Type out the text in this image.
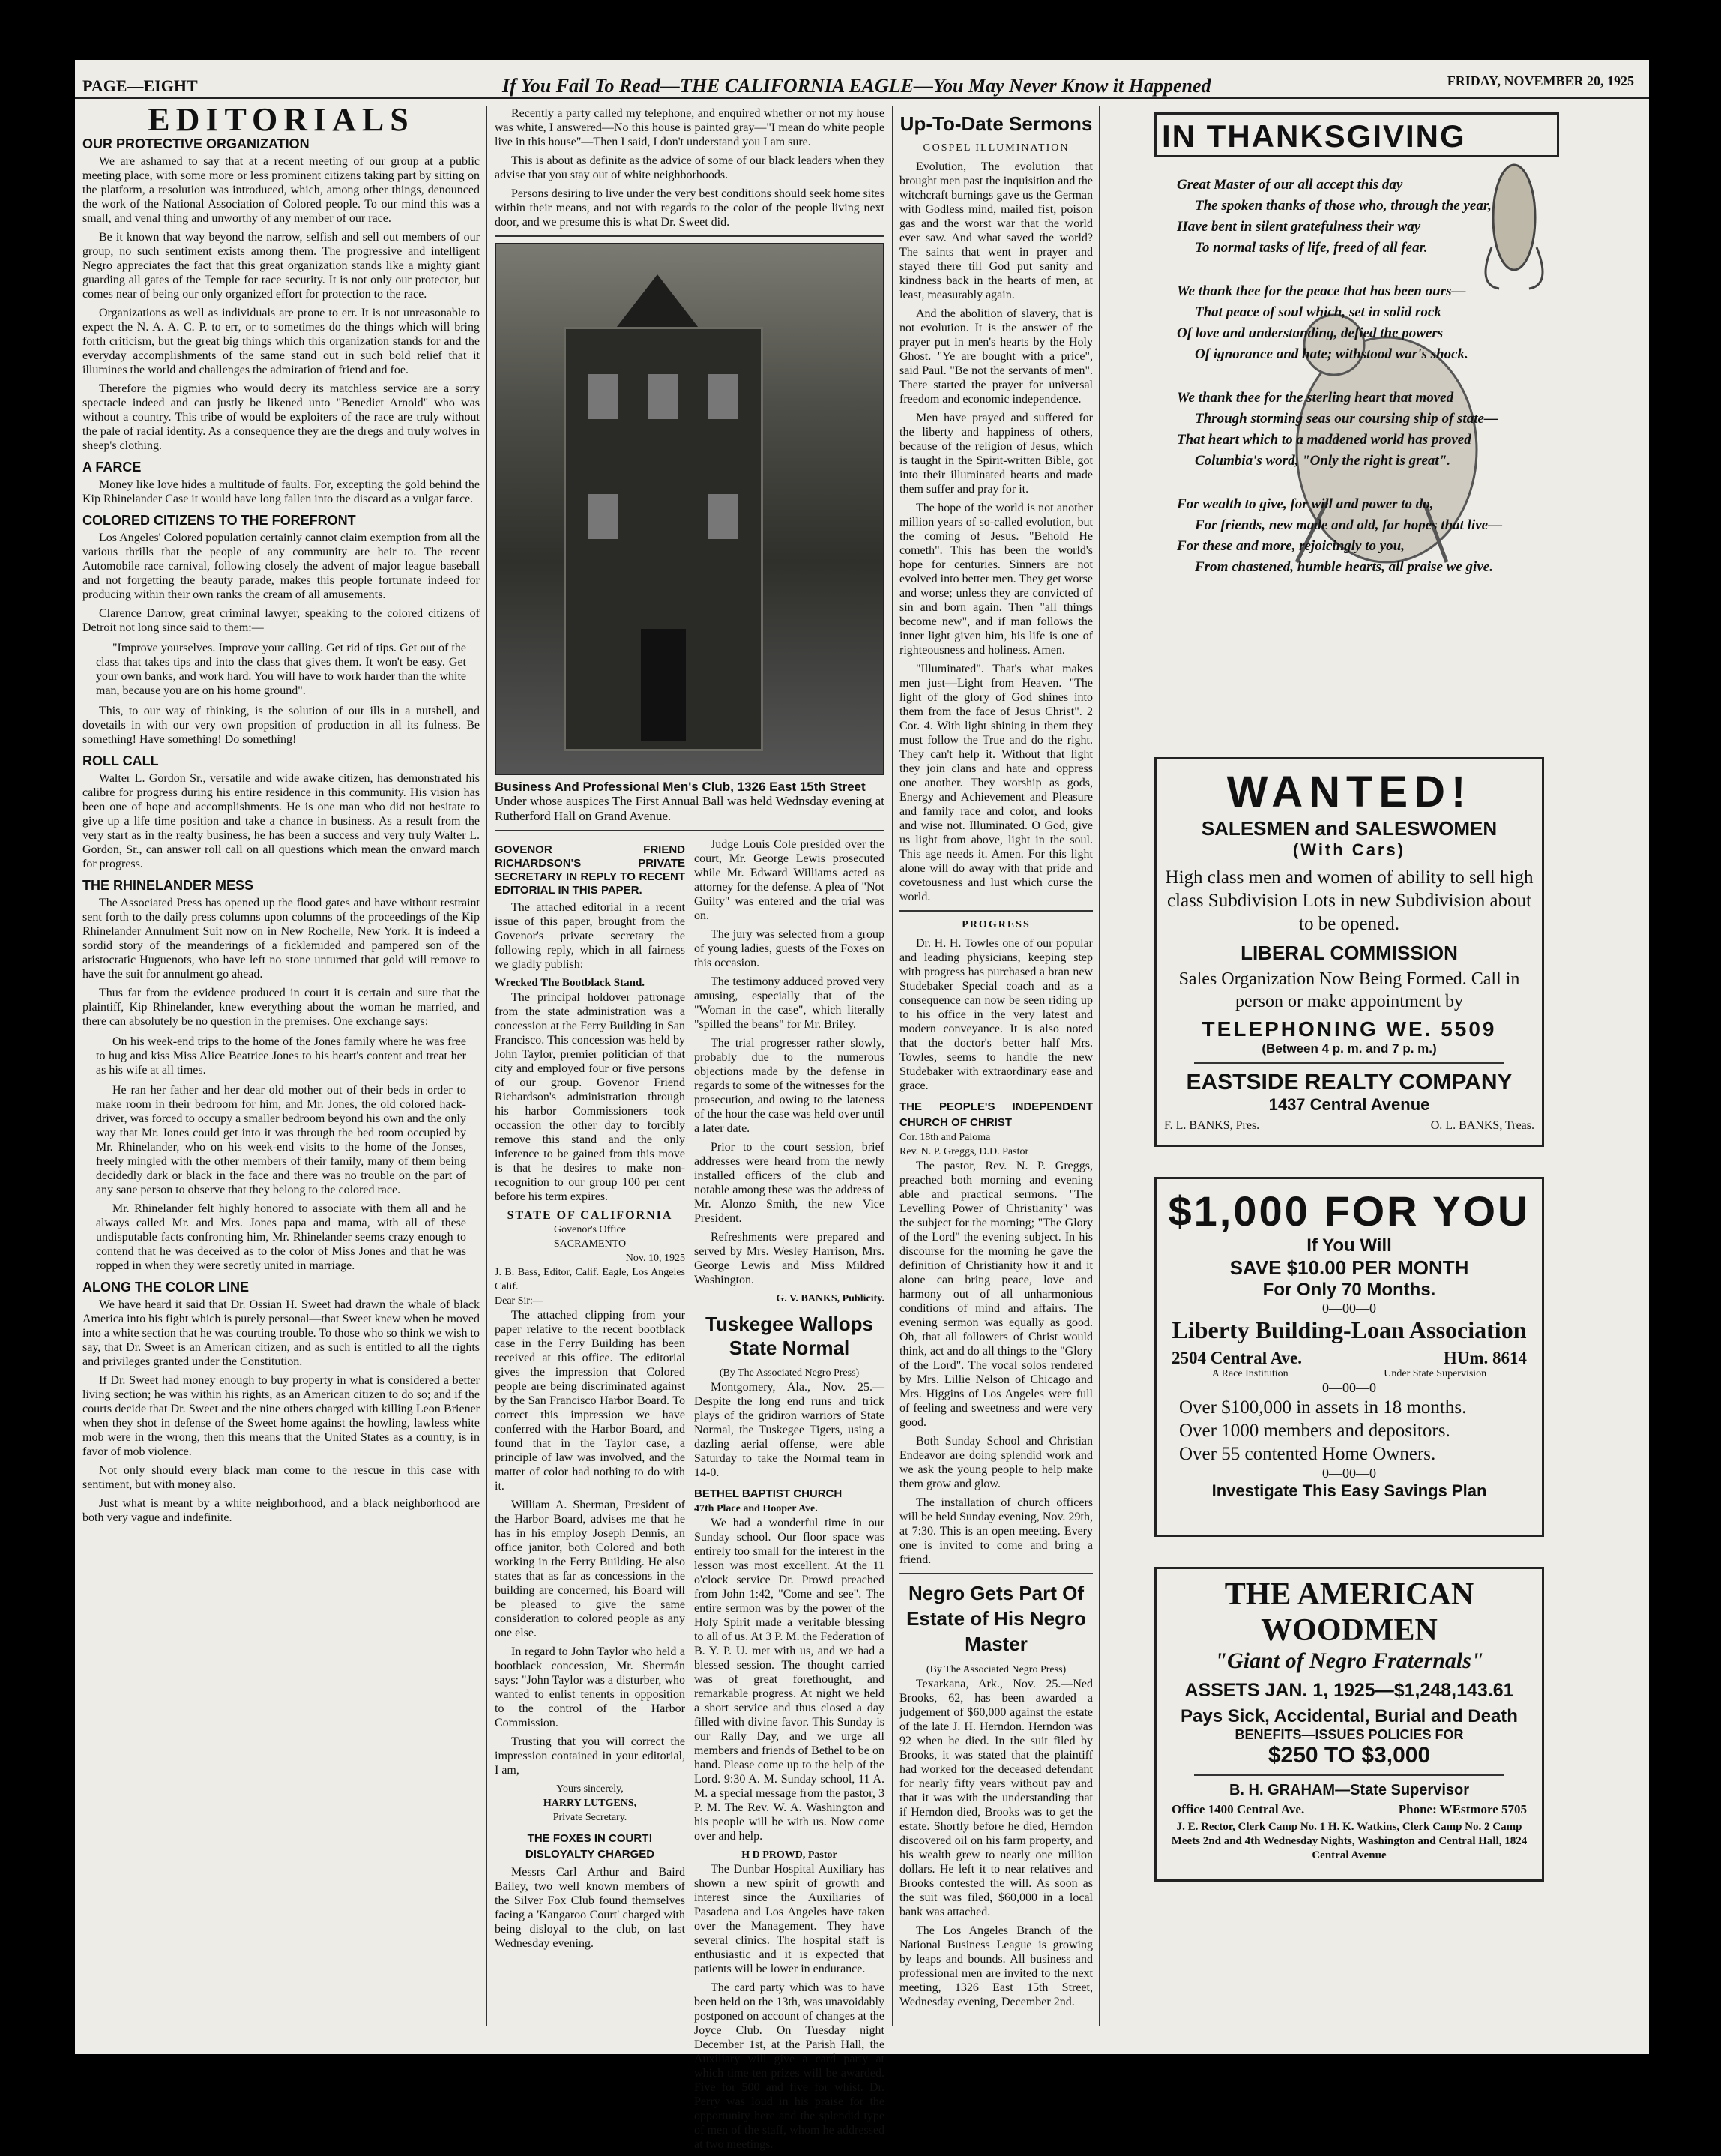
PAGE—EIGHT	If You Fail To Read—THE CALIFORNIA EAGLE—You May Never Know it Happened	FRIDAY, NOVEMBER 20, 1925
EDITORIALS
OUR PROTECTIVE ORGANIZATION

We are ashamed to say that at a recent meeting of our group at a public meeting place, with some more or less prominent citizens taking part by sitting on the platform, a resolution was introduced, which, among other things, denounced the work of the National Association of Colored people. To our mind this was a small, and venal thing and unworthy of any member of our race.

Be it known that way beyond the narrow, selfish and sell out members of our group, no such sentiment exists among them. The progressive and intelligent Negro appreciates the fact that this great organization stands like a mighty giant guarding all gates of the Temple for race security. It is not only our protector, but comes near of being our only organized effort for protection to the race.

Organizations as well as individuals are prone to err. It is not unreasonable to expect the N. A. A. C. P. to err, or to sometimes do the things which will bring forth criticism, but the great big things which this organization stands for and the everyday accomplishments of the same stand out in such bold relief that it illumines the world and challenges the admiration of friend and foe.

Therefore the pigmies who would decry its matchless service are a sorry spectacle indeed and can justly be likened unto "Benedict Arnold" who was without a country. This tribe of would be exploiters of the race are truly without the pale of racial identity. As a consequence they are the dregs and truly wolves in sheep's clothing.

A FARCE

Money like love hides a multitude of faults. For, excepting the gold behind the Kip Rhinelander Case it would have long fallen into the discard as a vulgar farce.

COLORED CITIZENS TO THE FOREFRONT

Los Angeles' Colored population certainly cannot claim exemption from all the various thrills that the people of any community are heir to. The recent Automobile race carnival, following closely the advent of major league baseball and not forgetting the beauty parade, makes this people fortunate indeed for producing within their own ranks the cream of all amusements.

Clarence Darrow, great criminal lawyer, speaking to the colored citizens of Detroit not long since said to them:—

"Improve yourselves. Improve your calling. Get rid of tips. Get out of the class that takes tips and into the class that gives them. It won't be easy. Get your own banks, and work hard. You will have to work harder than the white man, because you are on his home ground".

This, to our way of thinking, is the solution of our ills in a nutshell, and dovetails in with our very own propsition of production in all its fulness. Be something! Have something! Do something!

ROLL CALL

Walter L. Gordon Sr., versatile and wide awake citizen, has demonstrated his calibre for progress during his entire residence in this community. His vision has been one of hope and accomplishments. He is one man who did not hesitate to give up a life time position and take a chance in business. As a result from the very start as in the realty business, he has been a success and very truly Walter L. Gordon, Sr., can answer roll call on all questions which mean the onward march for progress.

THE RHINELANDER MESS

The Associated Press has opened up the flood gates and have without restraint sent forth to the daily press columns upon columns of the proceedings of the Kip Rhinelander Annulment Suit now on in New Rochelle, New York. It is indeed a sordid story of the meanderings of a ficklemided and pampered son of the aristocratic Huguenots, who have left no stone unturned that gold will remove to have the suit for annulment go ahead.

Thus far from the evidence produced in court it is certain and sure that the plaintiff, Kip Rhinelander, knew everything about the woman he married, and there can absolutely be no question in the premises. One exchange says:

On his week-end trips to the home of the Jones family where he was free to hug and kiss Miss Alice Beatrice Jones to his heart's content and treat her as his wife at all times.

He ran her father and her dear old mother out of their beds in order to make room in their bedroom for him, and Mr. Jones, the old colored hack-driver, was forced to occupy a smaller bedroom beyond his own and the only way that Mr. Jones could get into it was through the bed room occupied by Mr. Rhinelander, who on his week-end visits to the home of the Jonses, freely mingled with the other members of their family, many of them being decidedly dark or black in the face and there was no trouble on the part of any sane person to observe that they belong to the colored race.

Mr. Rhinelander felt highly honored to associate with them all and he always called Mr. and Mrs. Jones papa and mama, with all of these undisputable facts confronting him, Mr. Rhinelander seems crazy enough to contend that he was deceived as to the color of Miss Jones and that he was ropped in when they were secretly united in marriage.

ALONG THE COLOR LINE

We have heard it said that Dr. Ossian H. Sweet had drawn the whale of black America into his fight which is purely personal—that Sweet knew when he moved into a white section that he was courting trouble. To those who so think we wish to say, that Dr. Sweet is an American citizen, and as such is entitled to all the rights and privileges granted under the Constitution.

If Dr. Sweet had money enough to buy property in what is considered a better living section; he was within his rights, as an American citizen to do so; and if the courts decide that Dr. Sweet and the nine others charged with killing Leon Briener when they shot in defense of the Sweet home against the howling, lawless white mob were in the wrong, then this means that the United States as a country, is in favor of mob violence.

Not only should every black man come to the rescue in this case with sentiment, but with money also.

Just what is meant by a white neighborhood, and a black neighborhood are both very vague and indefinite.

Recently a party called my telephone, and enquired whether or not my house was white, I answered—No this house is painted gray—"I mean do white people live in this house"—Then I said, I don't understand you I am sure.

This is about as definite as the advice of some of our black leaders when they advise that you stay out of white neighborhoods.

Persons desiring to live under the very best conditions should seek home sites within their means, and not with regards to the color of the people living next door, and we presume this is what Dr. Sweet did.

Business And Professional Men's Club, 1326 East 15th Street
Under whose auspices The First Annual Ball was held Wednsday evening at Rutherford Hall on Grand Avenue.
GOVENOR FRIEND RICHARDSON'S PRIVATE SECRETARY IN REPLY TO RECENT EDITORIAL IN THIS PAPER.

The attached editorial in a recent issue of this paper, brought from the Govenor's private secretary the following reply, which in all fairness we gladly publish:

Wrecked The Bootblack Stand.

The principal holdover patronage from the state administration was a concession at the Ferry Building in San Francisco. This concession was held by John Taylor, premier politician of that city and employed four or five persons of our group. Govenor Friend Richardson's administration through his harbor Commissioners took occassion the other day to forcibly remove this stand and the only inference to be gained from this move is that he desires to make non-recognition to our group 100 per cent before his term expires.

STATE OF CALIFORNIA
Govenor's Office
SACRAMENTO
Nov. 10, 1925
J. B. Bass, Editor, Calif. Eagle, Los Angeles Calif.
Dear Sir:—

The attached clipping from your paper relative to the recent bootblack case in the Ferry Building has been received at this office. The editorial gives the impression that Colored people are being discriminated against by the San Francisco Harbor Board. To correct this impression we have conferred with the Harbor Board, and found that in the Taylor case, a principle of law was involved, and the matter of color had nothing to do with it.

William A. Sherman, President of the Harbor Board, advises me that he has in his employ Joseph Dennis, an office janitor, both Colored and both working in the Ferry Building. He also states that as far as concessions in the building are concerned, his Board will be pleased to give the same consideration to colored people as any one else.

In regard to John Taylor who held a bootblack concession, Mr. Shermán says: "John Taylor was a disturber, who wanted to enlist tenents in opposition to the control of the Harbor Commission.

Trusting that you will correct the impression contained in your editorial, I am,

Yours sincerely,
HARRY LUTGENS,
Private Secretary.
THE FOXES IN COURT! DISLOYALTY CHARGED

Messrs Carl Arthur and Baird Bailey, two well known members of the Silver Fox Club found themselves facing a 'Kangaroo Court' charged with being disloyal to the club, on last Wednesday evening.

Judge Louis Cole presided over the court, Mr. George Lewis prosecuted while Mr. Edward Williams acted as attorney for the defense. A plea of "Not Guilty" was entered and the trial was on.

The jury was selected from a group of young ladies, guests of the Foxes on this occasion.

The testimony adduced proved very amusing, especially that of the "Woman in the case", which literally "spilled the beans" for Mr. Briley.

The trial progresser rather slowly, probably due to the numerous objections made by the defense in regards to some of the witnesses for the prosecution, and owing to the lateness of the hour the case was held over until a later date.

Prior to the court session, brief addresses were heard from the newly installed officers of the club and notable among these was the address of Mr. Alonzo Smith, the new Vice President.

Refreshments were prepared and served by Mrs. Wesley Harrison, Mrs. George Lewis and Miss Mildred Washington.

G. V. BANKS, Publicity.
Tuskegee Wallops State Normal
(By The Associated Negro Press)

Montgomery, Ala., Nov. 25.—Despite the long end runs and trick plays of the gridiron warriors of State Normal, the Tuskegee Tigers, using a dazling aerial offense, were able Saturday to take the Normal team in 14-0.

BETHEL BAPTIST CHURCH
47th Place and Hooper Ave.

We had a wonderful time in our Sunday school. Our floor space was entirely too small for the interest in the lesson was most excellent. At the 11 o'clock service Dr. Prowd preached from John 1:42, "Come and see". The entire sermon was by the power of the Holy Spirit made a veritable blessing to all of us. At 3 P. M. the Federation of B. Y. P. U. met with us, and we had a blessed session. The thought carried was of great forethought, and remarkable progress. At night we held a short service and thus closed a day filled with divine favor. This Sunday is our Rally Day, and we urge all members and friends of Bethel to be on hand. Please come up to the help of the Lord. 9:30 A. M. Sunday school, 11 A. M. a special message from the pastor, 3 P. M. The Rev. W. A. Washington and his people will be with us. Now come over and help.

H D PROWD, Pastor

The Dunbar Hospital Auxiliary has shown a new spirit of growth and interest since the Auxiliaries of Pasadena and Los Angeles have taken over the Management. They have several clinics. The hospital staff is enthusiastic and it is expected that patients will be lower in endurance.

The card party which was to have been held on the 13th, was unavoidably postponed on account of changes at the Joyce Club. On Tuesday night December 1st, at the Parish Hall, the Auxiliary will give a card party at which time ten prizes will be awarded. Five for 500 and five for whist. Dr. Perry was loud in his praise for the opportunity here and the splendid type of men of the staff, whom he addressed at two meetings.

Up-To-Date Sermons
GOSPEL ILLUMINATION

Evolution, The evolution that brought men past the inquisition and the witchcraft burnings gave us the German with Godless mind, mailed fist, poison gas and the worst war that the world ever saw. And what saved the world? The saints that went in prayer and stayed there till God put sanity and kindness back in the hearts of men, at least, measurably again.

And the abolition of slavery, that is not evolution. It is the answer of the prayer put in men's hearts by the Holy Ghost. "Ye are bought with a price", said Paul. "Be not the servants of men". There started the prayer for universal freedom and economic independence.

Men have prayed and suffered for the liberty and happiness of others, because of the religion of Jesus, which is taught in the Spirit-written Bible, got into their illuminated hearts and made them suffer and pray for it.

The hope of the world is not another million years of so-called evolution, but the coming of Jesus. "Behold He cometh". This has been the world's hope for centuries. Sinners are not evolved into better men. They get worse and worse; unless they are convicted of sin and born again. Then "all things become new", and if man follows the inner light given him, his life is one of righteousness and holiness. Amen.

"Illuminated". That's what makes men just—Light from Heaven. "The light of the glory of God shines into them from the face of Jesus Christ". 2 Cor. 4. With light shining in them they must follow the True and do the right. They can't help it. Without that light they join clans and hate and oppress one another. They worship as gods, Energy and Achievement and Pleasure and family race and color, and looks and wise not. Illuminated. O God, give us light from above, light in the soul. This age needs it. Amen. For this light alone will do away with that pride and covetousness and lust which curse the world.

PROGRESS

Dr. H. H. Towles one of our popular and leading physicians, keeping step with progress has purchased a bran new Studebaker Special coach and as a consequence can now be seen riding up to his office in the very latest and modern conveyance. It is also noted that the doctor's better half Mrs. Towles, seems to handle the new Studebaker with extraordinary ease and grace.

THE PEOPLE'S INDEPENDENT CHURCH OF CHRIST
Cor. 18th and Paloma
Rev. N. P. Greggs, D.D. Pastor

The pastor, Rev. N. P. Greggs, preached both morning and evening able and practical sermons. "The Levelling Power of Christianity" was the subject for the morning; "The Glory of the Lord" the evening subject. In his discourse for the morning he gave the definition of Christianity how it and it alone can bring peace, love and harmony out of all unharmonious conditions of mind and affairs. The evening sermon was equally as good. Oh, that all followers of Christ would think, act and do all things to the "Glory of the Lord". The vocal solos rendered by Mrs. Lillie Nelson of Chicago and Mrs. Higgins of Los Angeles were full of feeling and sweetness and were very good.

Both Sunday School and Christian Endeavor are doing splendid work and we ask the young people to help make them grow and glow.

The installation of church officers will be held Sunday evening, Nov. 29th, at 7:30. This is an open meeting. Every one is invited to come and bring a friend.

Negro Gets Part Of Estate of His Negro Master
(By The Associated Negro Press)

Texarkana, Ark., Nov. 25.—Ned Brooks, 62, has been awarded a judgement of $60,000 against the estate of the late J. H. Herndon. Herndon was 92 when he died. In the suit filed by Brooks, it was stated that the plaintiff had worked for the deceased defendant for nearly fifty years without pay and that it was with the understanding that if Herndon died, Brooks was to get the estate. Shortly before he died, Herndon discovered oil on his farm property, and his wealth grew to nearly one million dollars. He left it to near relatives and Brooks contested the will. As soon as the suit was filed, $60,000 in a local bank was attached.

The Los Angeles Branch of the National Business League is growing by leaps and bounds. All business and professional men are invited to the next meeting, 1326 East 15th Street, Wednesday evening, December 2nd.

IN THANKSGIVING
Great Master of our all accept this day
The spoken thanks of those who, through the year,
Have bent in silent gratefulness their way
To normal tasks of life, freed of all fear.
We thank thee for the peace that has been ours—
That peace of soul which, set in solid rock
Of love and understanding, defied the powers
Of ignorance and hate; withstood war's shock.
We thank thee for the sterling heart that moved
Through storming seas our coursing ship of state—
That heart which to a maddened world has proved
Columbia's word, "Only the right is great".
For wealth to give, for will and power to do,
For friends, new made and old, for hopes that live—
For these and more, rejoicingly to you,
From chastened, humble hearts, all praise we give.
WANTED!
SALESMEN and SALESWOMEN
(With Cars)
High class men and women of ability to sell high class Subdivision Lots in new Subdivision about to be opened.
LIBERAL COMMISSION
Sales Organization Now Being Formed. Call in person or make appointment by
TELEPHONING WE. 5509
(Between 4 p. m. and 7 p. m.)
EASTSIDE REALTY COMPANY
1437 Central Avenue
F. L. BANKS, Pres.	O. L. BANKS, Treas.
$1,000 FOR YOU
If You Will
SAVE $10.00 PER MONTH
For Only 70 Months.
0—00—0
Liberty Building-Loan Association
2504 Central Ave.	HUm. 8614
A Race Institution	Under State Supervision
0—00—0
Over $100,000 in assets in 18 months.
Over 1000 members and depositors.
Over 55 contented Home Owners.
0—00—0
Investigate This Easy Savings Plan
THE AMERICAN WOODMEN
"Giant of Negro Fraternals"
ASSETS JAN. 1, 1925—$1,248,143.61
Pays Sick, Accidental, Burial and Death
BENEFITS—ISSUES POLICIES FOR
$250 TO $3,000
B. H. GRAHAM—State Supervisor
Office 1400 Central Ave.	Phone: WEstmore 5705
J. E. Rector, Clerk Camp No. 1 H. K. Watkins, Clerk Camp No. 2 Camp Meets 2nd and 4th Wednesday Nights, Washington and Central Hall, 1824 Central Avenue
